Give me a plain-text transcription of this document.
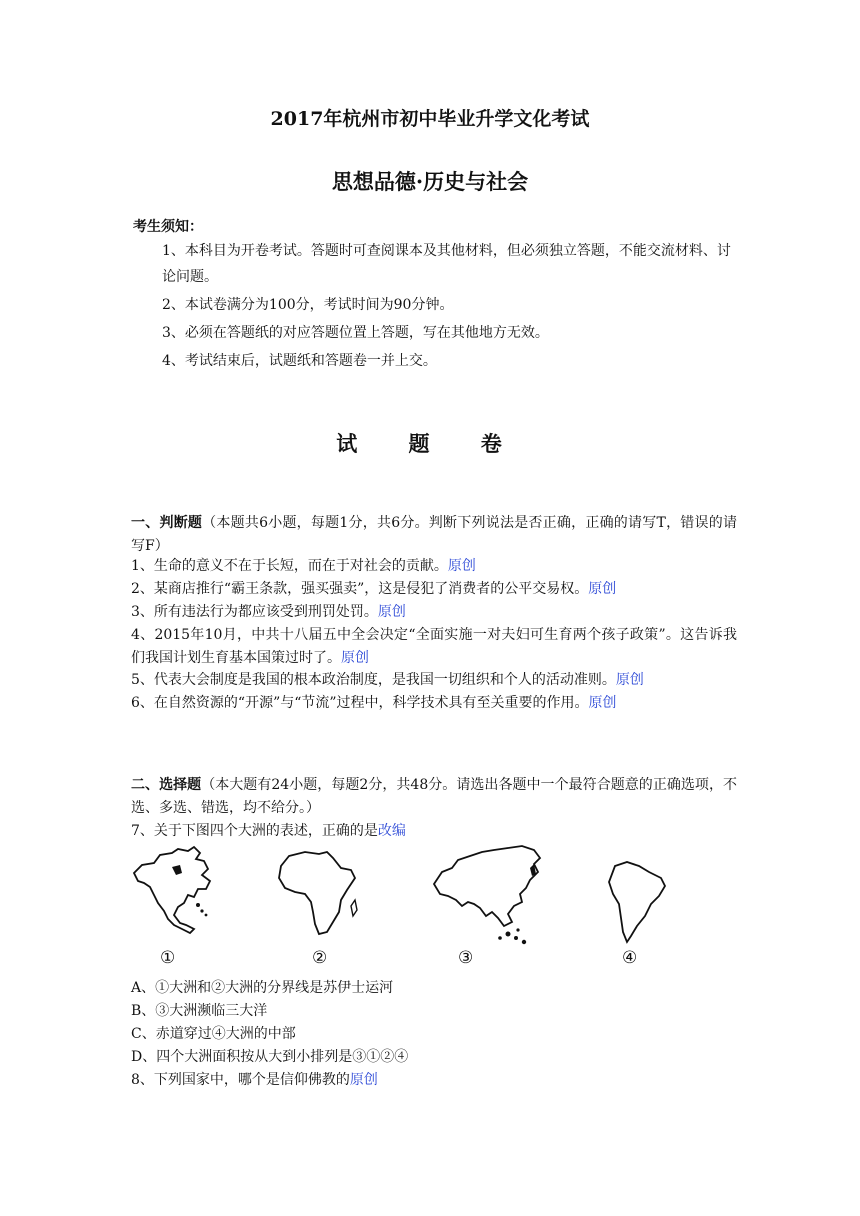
2017年杭州市初中毕业升学文化考试
思想品德·历史与社会
考生须知：
1、本科目为开卷考试。答题时可查阅课本及其他材料，但必须独立答题，不能交流材料、讨论问题。
2、本试卷满分为100分，考试时间为90分钟。
3、必须在答题纸的对应答题位置上答题，写在其他地方无效。
4、考试结束后，试题纸和答题卷一并上交。
试 题 卷
一、判断题（本题共6小题，每题1分，共6分。判断下列说法是否正确，正确的请写T，错误的请写F）
1、生命的意义不在于长短，而在于对社会的贡献。原创
2、某商店推行“霸王条款，强买强卖”，这是侵犯了消费者的公平交易权。原创
3、所有违法行为都应该受到刑罚处罚。原创
4、2015年10月，中共十八届五中全会决定“全面实施一对夫妇可生育两个孩子政策”。这告诉我们我国计划生育基本国策过时了。原创
5、代表大会制度是我国的根本政治制度，是我国一切组织和个人的活动准则。原创
6、在自然资源的“开源”与“节流”过程中，科学技术具有至关重要的作用。原创
二、选择题（本大题有24小题，每题2分，共48分。请选出各题中一个最符合题意的正确选项，不选、多选、错选，均不给分。）
7、关于下图四个大洲的表述，正确的是改编
①	②	③	④
A、①大洲和②大洲的分界线是苏伊士运河
B、③大洲濒临三大洋
C、赤道穿过④大洲的中部
D、四个大洲面积按从大到小排列是③①②④
8、下列国家中，哪个是信仰佛教的原创
